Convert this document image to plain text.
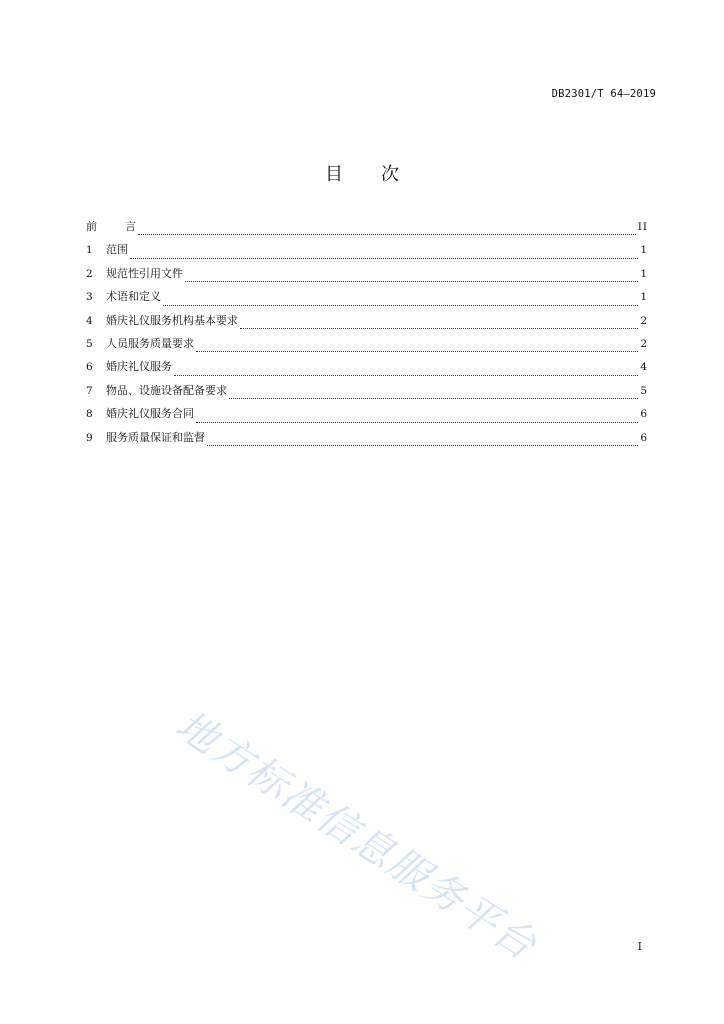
DB2301/T 64—2019
目 次
前言	II
1	范围	1
2	规范性引用文件	1
3	术语和定义	1
4	婚庆礼仪服务机构基本要求	2
5	人员服务质量要求	2
6	婚庆礼仪服务	4
7	物品、设施设备配备要求	5
8	婚庆礼仪服务合同	6
9	服务质量保证和监督	6
地方标准信息服务平台	I
